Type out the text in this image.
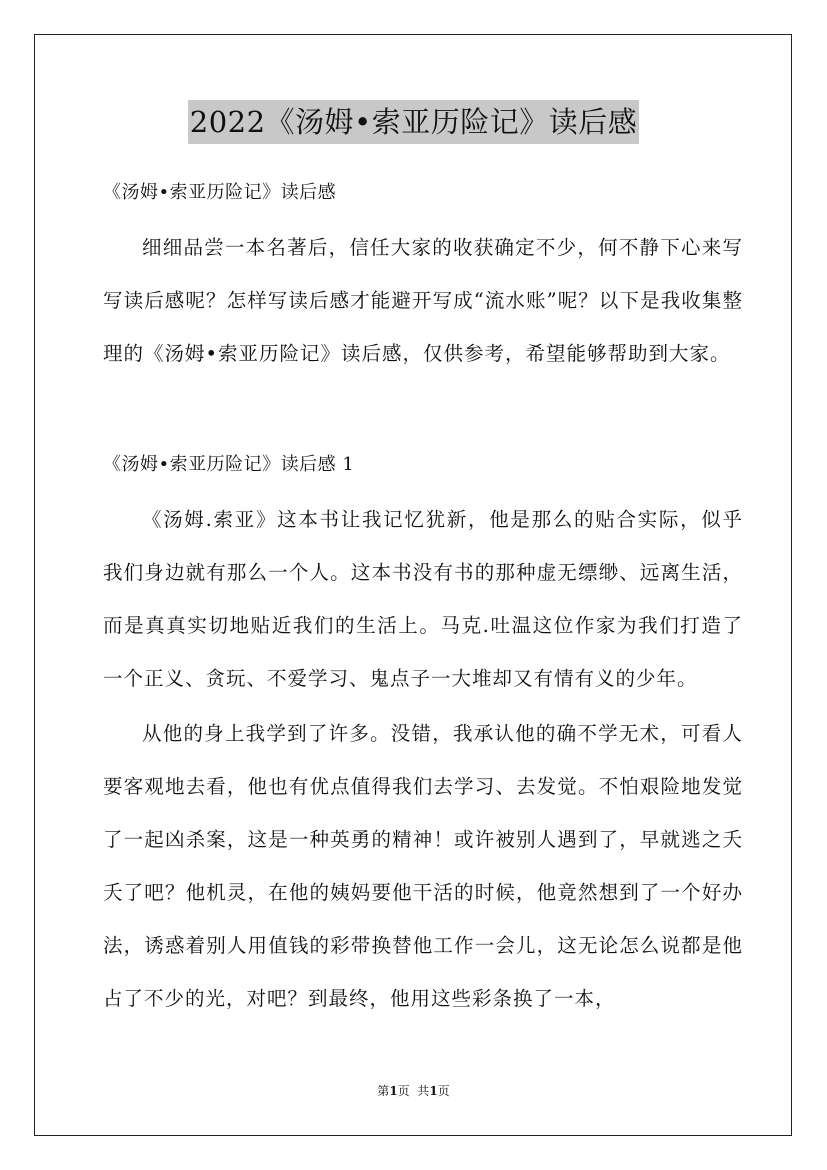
2022《汤姆•索亚历险记》读后感
《汤姆•索亚历险记》读后感

细细品尝一本名著后，信任大家的收获确定不少，何不静下心来写写读后感呢？怎样写读后感才能避开写成“流水账”呢？以下是我收集整理的《汤姆•索亚历险记》读后感，仅供参考，希望能够帮助到大家。

《汤姆•索亚历险记》读后感 1

《汤姆.索亚》这本书让我记忆犹新，他是那么的贴合实际，似乎我们身边就有那么一个人。这本书没有书的那种虚无缥缈、远离生活，而是真真实切地贴近我们的生活上。马克.吐温这位作家为我们打造了一个正义、贪玩、不爱学习、鬼点子一大堆却又有情有义的少年。

从他的身上我学到了许多。没错，我承认他的确不学无术，可看人要客观地去看，他也有优点值得我们去学习、去发觉。不怕艰险地发觉了一起凶杀案，这是一种英勇的精神！或许被别人遇到了，早就逃之夭夭了吧？他机灵，在他的姨妈要他干活的时候，他竟然想到了一个好办法，诱惑着别人用值钱的彩带换替他工作一会儿，这无论怎么说都是他占了不少的光，对吧？到最终，他用这些彩条换了一本，

第1页  共1页
